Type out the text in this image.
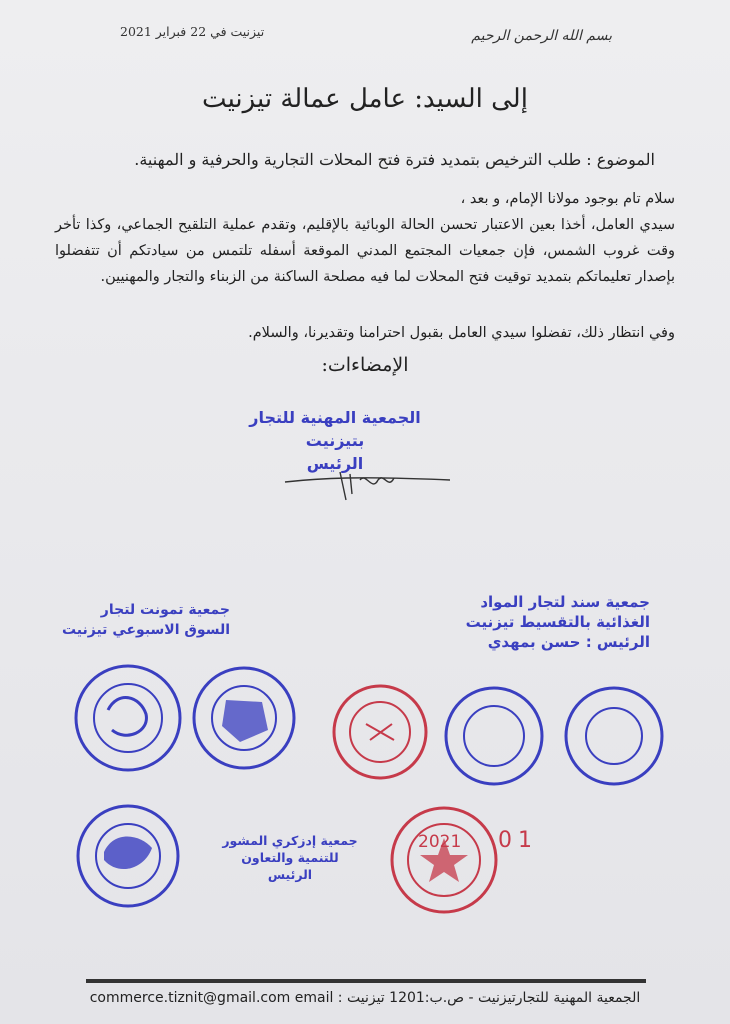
تيزنيت في 22 فبراير 2021	بسم الله الرحمن الرحيم
إلى السيد: عامل عمالة تيزنيت
الموضوع : طلب الترخيص بتمديد فترة فتح المحلات التجارية والحرفية و المهنية.
سلام تام بوجود مولانا الإمام، و بعد ،
سيدي العامل، أخذا بعين الاعتبار تحسن الحالة الوبائية بالإقليم، وتقدم عملية التلقيح الجماعي، وكذا تأخر وقت غروب الشمس، فإن جمعيات المجتمع المدني الموقعة أسفله تلتمس من سيادتكم أن تتفضلوا بإصدار تعليماتكم بتمديد توقيت فتح المحلات لما فيه مصلحة الساكنة من الزبناء والتجار والمهنيين.
وفي انتظار ذلك، تفضلوا سيدي العامل بقبول احترامنا وتقديرنا، والسلام.
الإمضاءات:
الجمعية المهنية للتجار
بتيزنيت
الرئيس
جمعية سند لتجار المواد
الغذائية بالتقسيط تيزنيت
الرئيس : حسن بمهدي
جمعية تمونت لتجار
السوق الاسبوعي تيزنيت
2021 01
جمعية إدزكري المشور
للتنمية والتعاون
الرئيس
commerce.tiznit@gmail.com email : الجمعية المهنية للتجارتيزنيت - ص.ب:1201 تيزنيت
